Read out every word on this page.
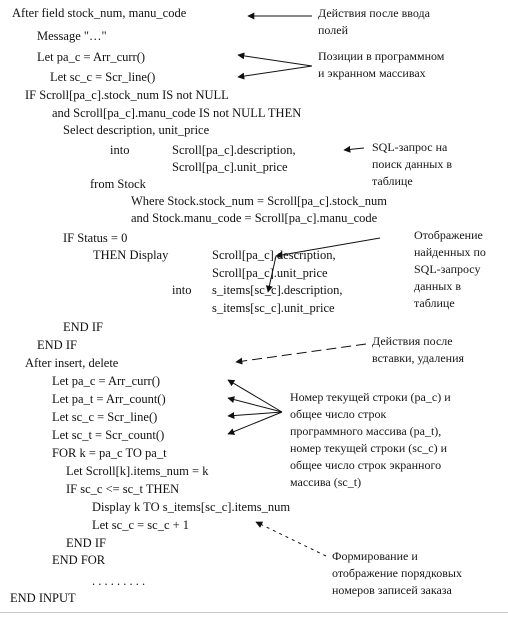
After field stock_num, manu_code
Message "…"
Let pa_c = Arr_curr()
Let sc_c = Scr_line()
IF Scroll[pa_c].stock_num IS not NULL
and Scroll[pa_c].manu_code IS not NULL THEN
Select description, unit_price
into	Scroll[pa_c].description,
Scroll[pa_c].unit_price
from Stock
Where Stock.stock_num = Scroll[pa_c].stock_num
and Stock.manu_code = Scroll[pa_c].manu_code
IF Status = 0
THEN Display	Scroll[pa_c].description,
Scroll[pa_c].unit_price
into s_items[sc_c].description,
s_items[sc_c].unit_price
END IF
END IF
After insert, delete
Let pa_c = Arr_curr()
Let pa_t = Arr_count()
Let sc_c = Scr_line()
Let sc_t = Scr_count()
FOR k = pa_c TO pa_t
Let Scroll[k].items_num = k
IF sc_c <= sc_t THEN
Display k TO s_items[sc_c].items_num
Let sc_c = sc_c + 1
END IF
END FOR
. . . . . . . . .
END INPUT
Действия после ввода
полей
Позиции в программном
и экранном массивах
SQL-запрос на
поиск данных в
таблице
Отображение
найденных по
SQL-запросу
данных в
таблице
Действия после
вставки, удаления
Номер текущей строки (pa_c) и
общее число строк
программного массива (pa_t),
номер текущей строки (sc_c) и
общее число строк экранного
массива (sc_t)
Формирование и
отображение порядковых
номеров записей заказа
